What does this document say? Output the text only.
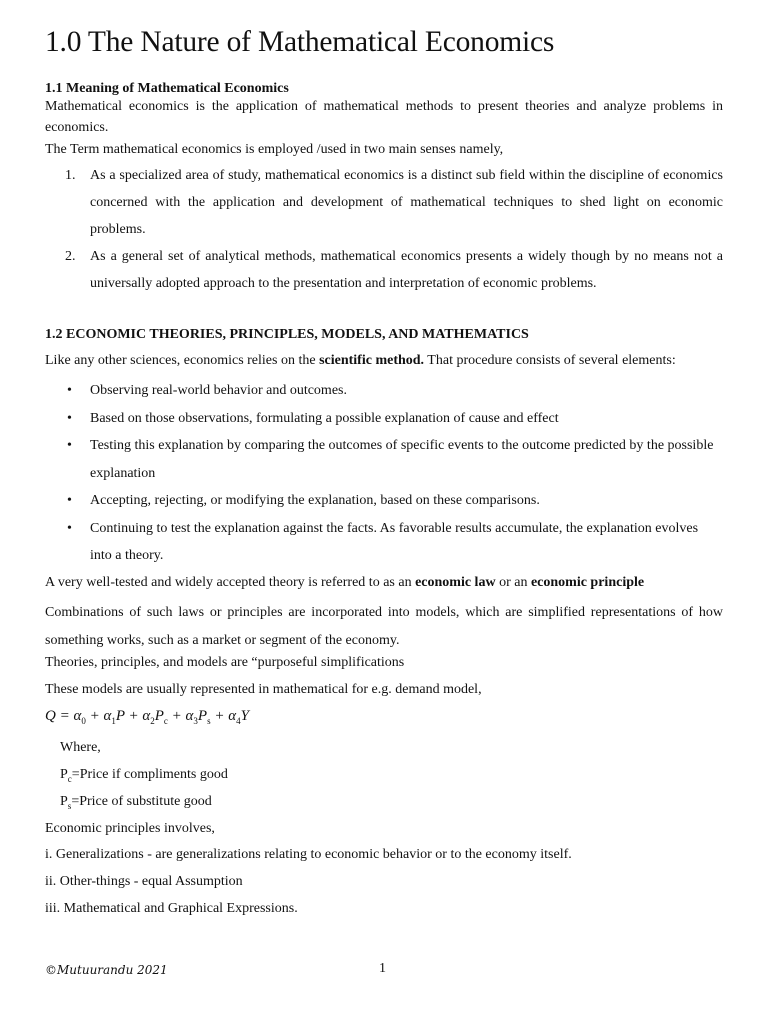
1.0 The Nature of Mathematical Economics
1.1 Meaning of Mathematical Economics

Mathematical economics is the application of mathematical methods to present theories and analyze problems in economics.

The Term mathematical economics is employed /used in two main senses namely,

1. As a specialized area of study, mathematical economics is a distinct sub field within the discipline of economics concerned with the application and development of mathematical techniques to shed light on economic problems.
2. As a general set of analytical methods, mathematical economics presents a widely though by no means not a universally adopted approach to the presentation and interpretation of economic problems.
1.2 ECONOMIC THEORIES, PRINCIPLES, MODELS, AND MATHEMATICS

Like any other sciences, economics relies on the scientific method. That procedure consists of several elements:

• Observing real-world behavior and outcomes.
• Based on those observations, formulating a possible explanation of cause and effect
• Testing this explanation by comparing the outcomes of specific events to the outcome predicted by the possible explanation
• Accepting, rejecting, or modifying the explanation, based on these comparisons.
• Continuing to test the explanation against the facts. As favorable results accumulate, the explanation evolves into a theory.

A very well-tested and widely accepted theory is referred to as an economic law or an economic principle

Combinations of such laws or principles are incorporated into models, which are simplified representations of how something works, such as a market or segment of the economy.

Theories, principles, and models are “purposeful simplifications

These models are usually represented in mathematical for e.g. demand model,

$Q = \alpha_0 + \alpha_1P + \alpha_2P_c + \alpha_3P_s + \alpha_4Y$

Where,

$P_c=Price$ if compliments good

$P_s=Price$ of substitute good

Economic principles involves,

i. Generalizations - are generalizations relating to economic behavior or to the economy itself.

ii. Other-things - equal Assumption

iii. Mathematical and Graphical Expressions.

©Mutuurandu 2021	1
